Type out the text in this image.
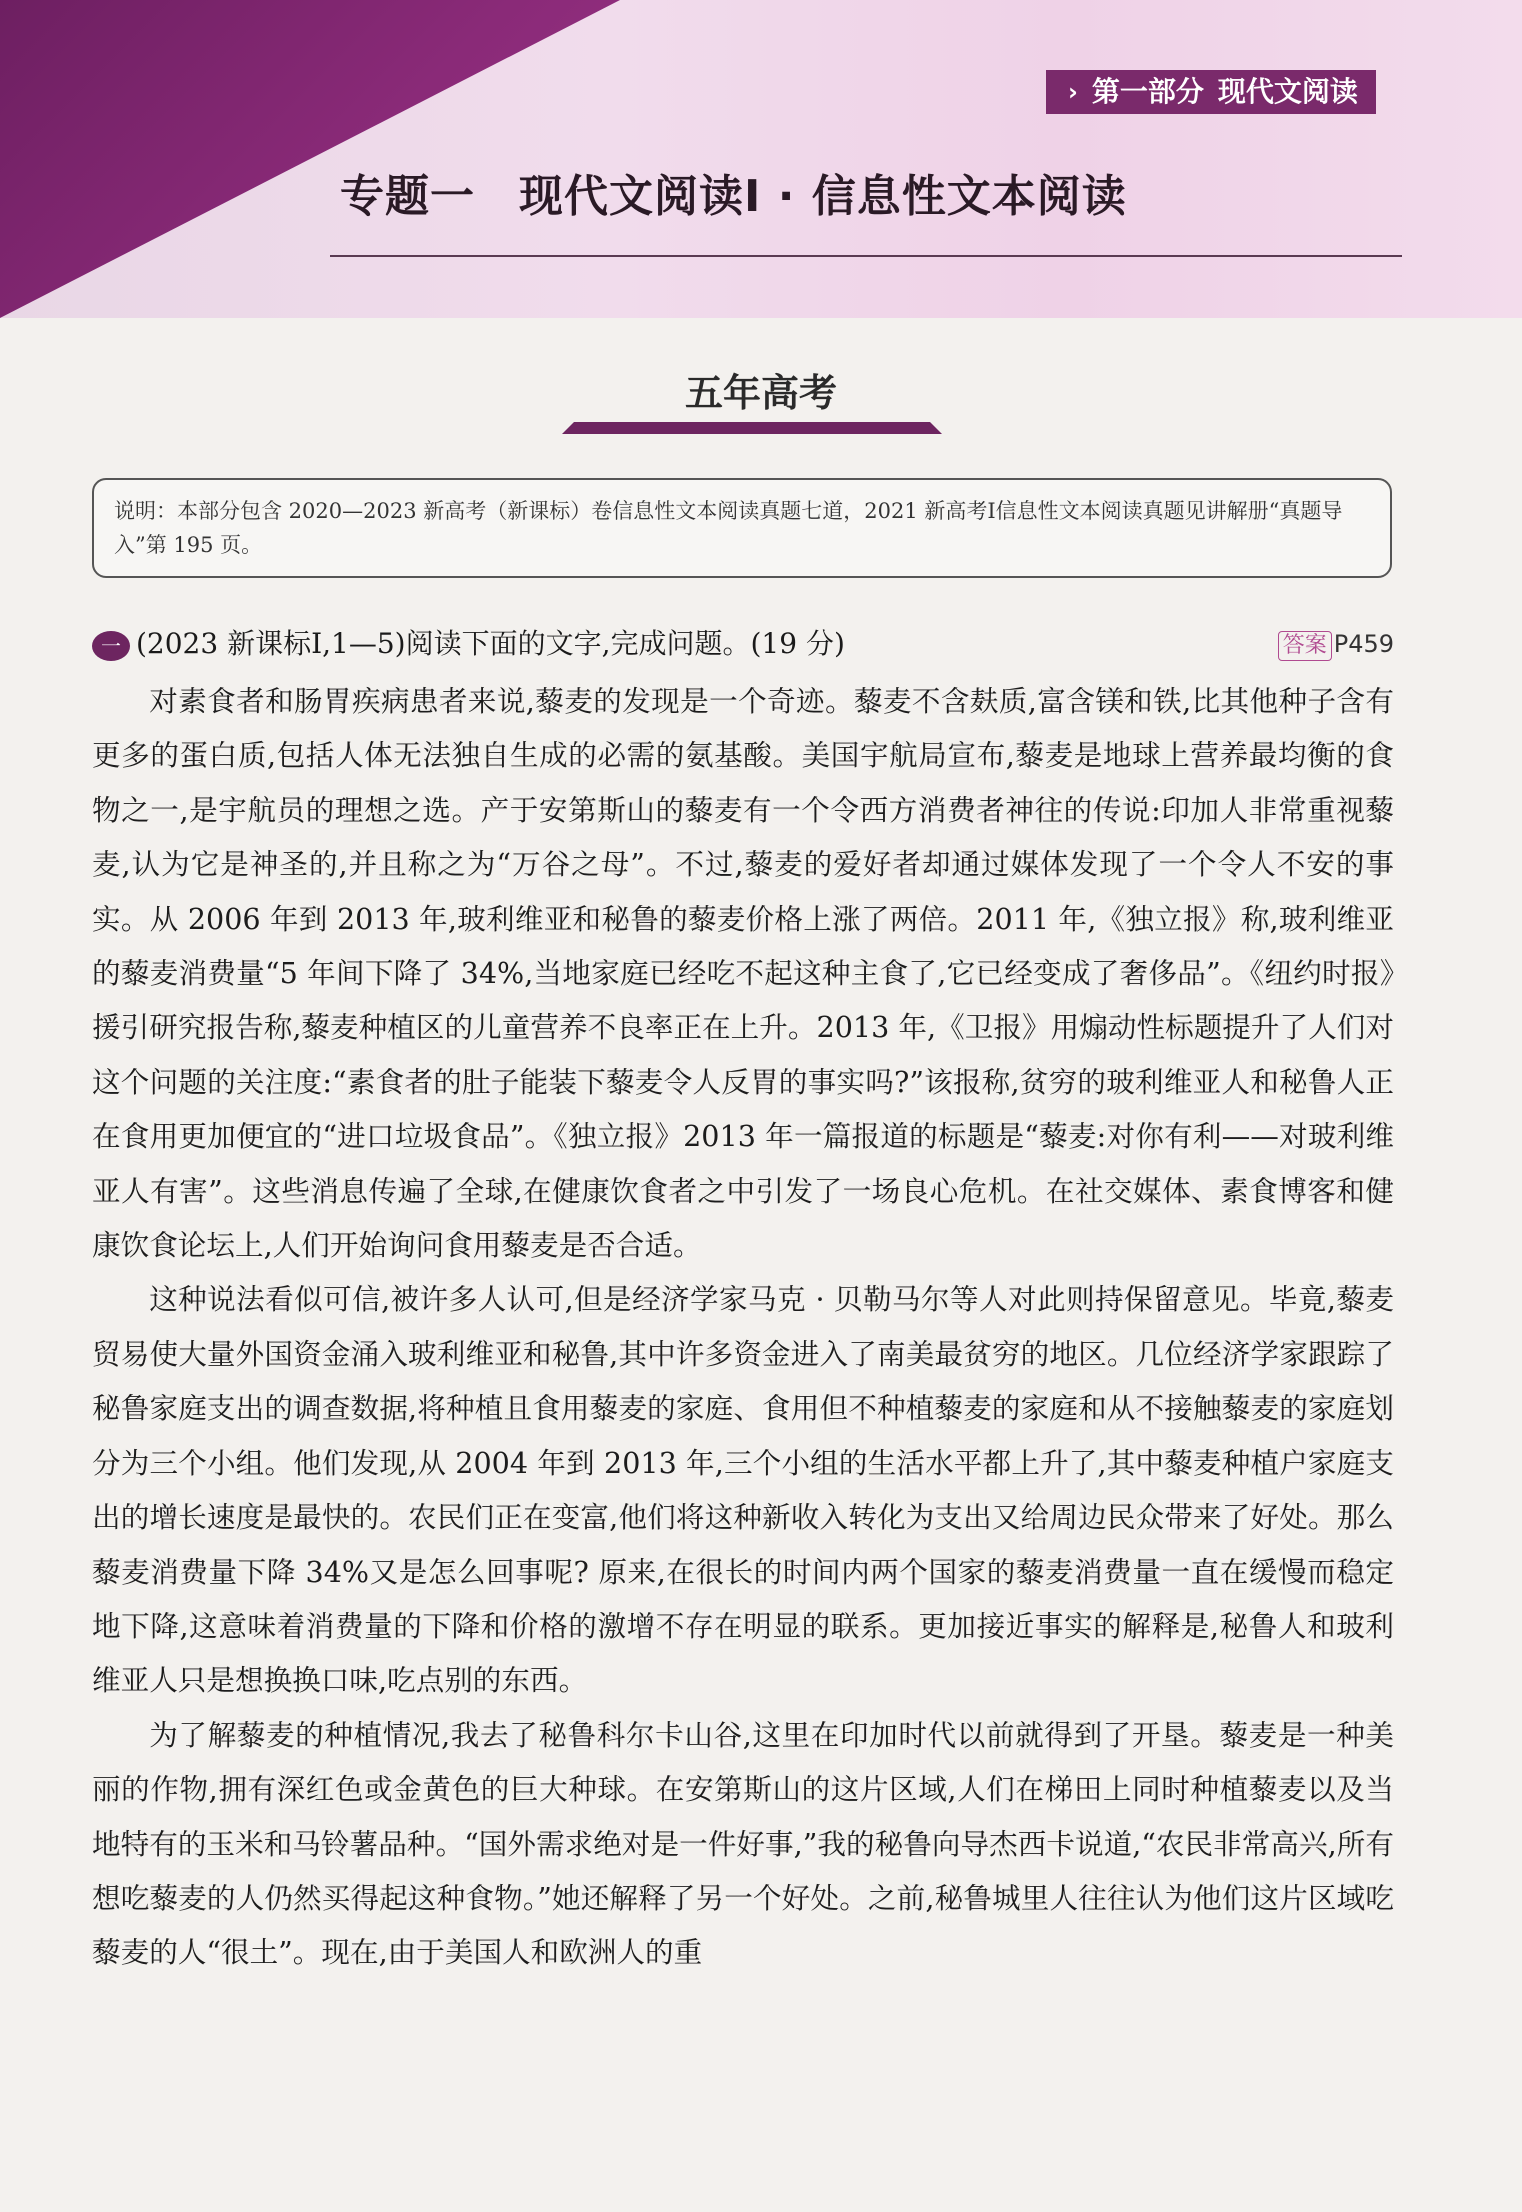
› 第一部分 现代文阅读
专题一 现代文阅读Ⅰ · 信息性文本阅读
五年高考
说明：本部分包含 2020—2023 新高考（新课标）卷信息性文本阅读真题七道，2021 新高考Ⅰ信息性文本阅读真题见讲解册“真题导入”第 195 页。
一 (2023 新课标Ⅰ,1—5)阅读下面的文字,完成问题。(19 分)	答案 P459

对素食者和肠胃疾病患者来说,藜麦的发现是一个奇迹。藜麦不含麸质,富含镁和铁,比其他种子含有更多的蛋白质,包括人体无法独自生成的必需的氨基酸。美国宇航局宣布,藜麦是地球上营养最均衡的食物之一,是宇航员的理想之选。产于安第斯山的藜麦有一个令西方消费者神往的传说:印加人非常重视藜麦,认为它是神圣的,并且称之为“万谷之母”。不过,藜麦的爱好者却通过媒体发现了一个令人不安的事实。从 2006 年到 2013 年,玻利维亚和秘鲁的藜麦价格上涨了两倍。2011 年,《独立报》称,玻利维亚的藜麦消费量“5 年间下降了 34%,当地家庭已经吃不起这种主食了,它已经变成了奢侈品”。《纽约时报》援引研究报告称,藜麦种植区的儿童营养不良率正在上升。2013 年,《卫报》用煽动性标题提升了人们对这个问题的关注度:“素食者的肚子能装下藜麦令人反胃的事实吗?”该报称,贫穷的玻利维亚人和秘鲁人正在食用更加便宜的“进口垃圾食品”。《独立报》2013 年一篇报道的标题是“藜麦:对你有利——对玻利维亚人有害”。这些消息传遍了全球,在健康饮食者之中引发了一场良心危机。在社交媒体、素食博客和健康饮食论坛上,人们开始询问食用藜麦是否合适。

这种说法看似可信,被许多人认可,但是经济学家马克 · 贝勒马尔等人对此则持保留意见。毕竟,藜麦贸易使大量外国资金涌入玻利维亚和秘鲁,其中许多资金进入了南美最贫穷的地区。几位经济学家跟踪了秘鲁家庭支出的调查数据,将种植且食用藜麦的家庭、食用但不种植藜麦的家庭和从不接触藜麦的家庭划分为三个小组。他们发现,从 2004 年到 2013 年,三个小组的生活水平都上升了,其中藜麦种植户家庭支出的增长速度是最快的。农民们正在变富,他们将这种新收入转化为支出又给周边民众带来了好处。那么藜麦消费量下降 34%又是怎么回事呢? 原来,在很长的时间内两个国家的藜麦消费量一直在缓慢而稳定地下降,这意味着消费量的下降和价格的激增不存在明显的联系。更加接近事实的解释是,秘鲁人和玻利维亚人只是想换换口味,吃点别的东西。

为了解藜麦的种植情况,我去了秘鲁科尔卡山谷,这里在印加时代以前就得到了开垦。藜麦是一种美丽的作物,拥有深红色或金黄色的巨大种球。在安第斯山的这片区域,人们在梯田上同时种植藜麦以及当地特有的玉米和马铃薯品种。“国外需求绝对是一件好事,”我的秘鲁向导杰西卡说道,“农民非常高兴,所有想吃藜麦的人仍然买得起这种食物。”她还解释了另一个好处。之前,秘鲁城里人往往认为他们这片区域吃藜麦的人“很土”。现在,由于美国人和欧洲人的重
